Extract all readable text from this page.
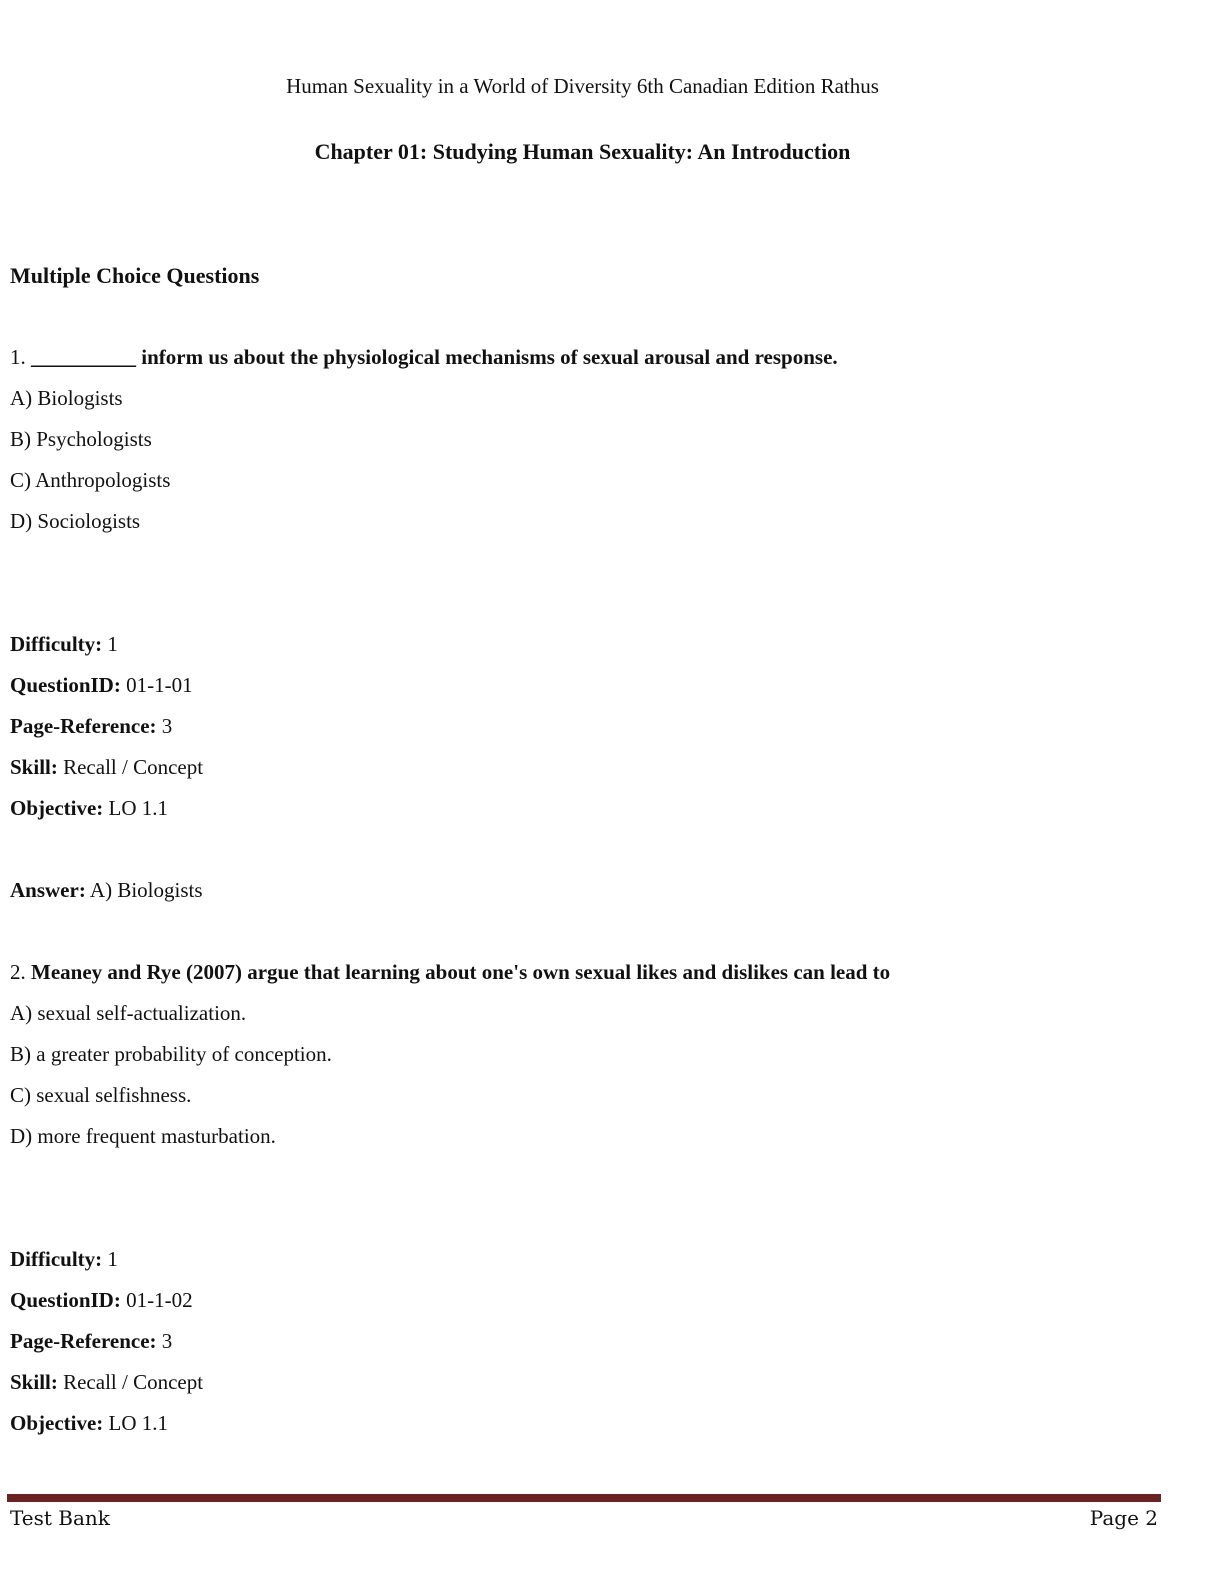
Human Sexuality in a World of Diversity 6th Canadian Edition Rathus
Chapter 01: Studying Human Sexuality: An Introduction
Multiple Choice Questions
1. __________ inform us about the physiological mechanisms of sexual arousal and response.
A) Biologists
B) Psychologists
C) Anthropologists
D) Sociologists
Difficulty: 1
QuestionID: 01-1-01
Page-Reference: 3
Skill: Recall / Concept
Objective: LO 1.1
Answer: A) Biologists
2. Meaney and Rye (2007) argue that learning about one's own sexual likes and dislikes can lead to
A) sexual self-actualization.
B) a greater probability of conception.
C) sexual selfishness.
D) more frequent masturbation.
Difficulty: 1
QuestionID: 01-1-02
Page-Reference: 3
Skill: Recall / Concept
Objective: LO 1.1
Test Bank	Page 2
